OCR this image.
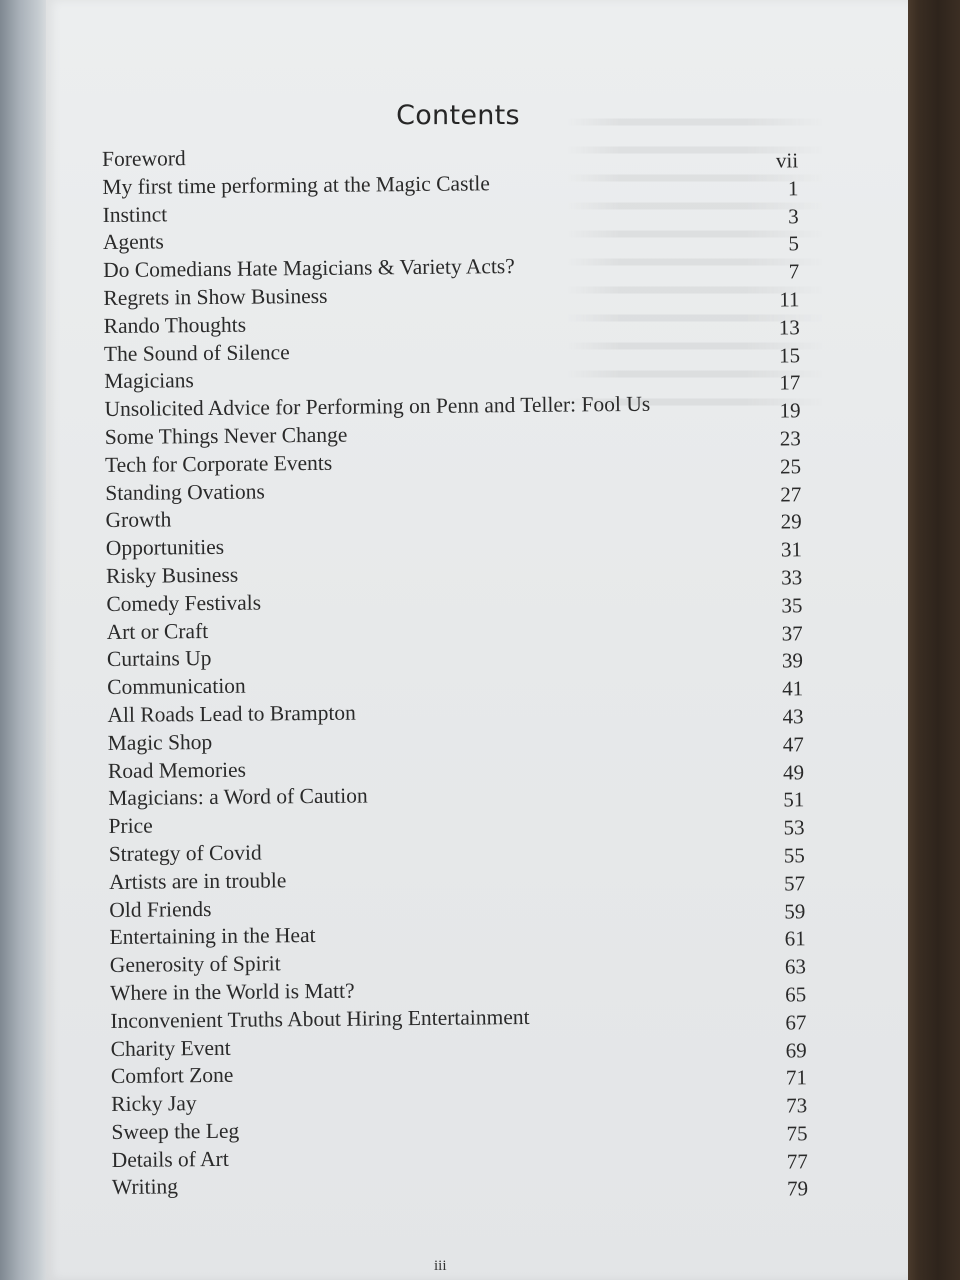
Contents
Foreword	vii
My first time performing at the Magic Castle	1
Instinct	3
Agents	5
Do Comedians Hate Magicians & Variety Acts?	7
Regrets in Show Business	11
Rando Thoughts	13
The Sound of Silence	15
Magicians	17
Unsolicited Advice for Performing on Penn and Teller: Fool Us	19
Some Things Never Change	23
Tech for Corporate Events	25
Standing Ovations	27
Growth	29
Opportunities	31
Risky Business	33
Comedy Festivals	35
Art or Craft	37
Curtains Up	39
Communication	41
All Roads Lead to Brampton	43
Magic Shop	47
Road Memories	49
Magicians: a Word of Caution	51
Price	53
Strategy of Covid	55
Artists are in trouble	57
Old Friends	59
Entertaining in the Heat	61
Generosity of Spirit	63
Where in the World is Matt?	65
Inconvenient Truths About Hiring Entertainment	67
Charity Event	69
Comfort Zone	71
Ricky Jay	73
Sweep the Leg	75
Details of Art	77
Writing	79
iii
